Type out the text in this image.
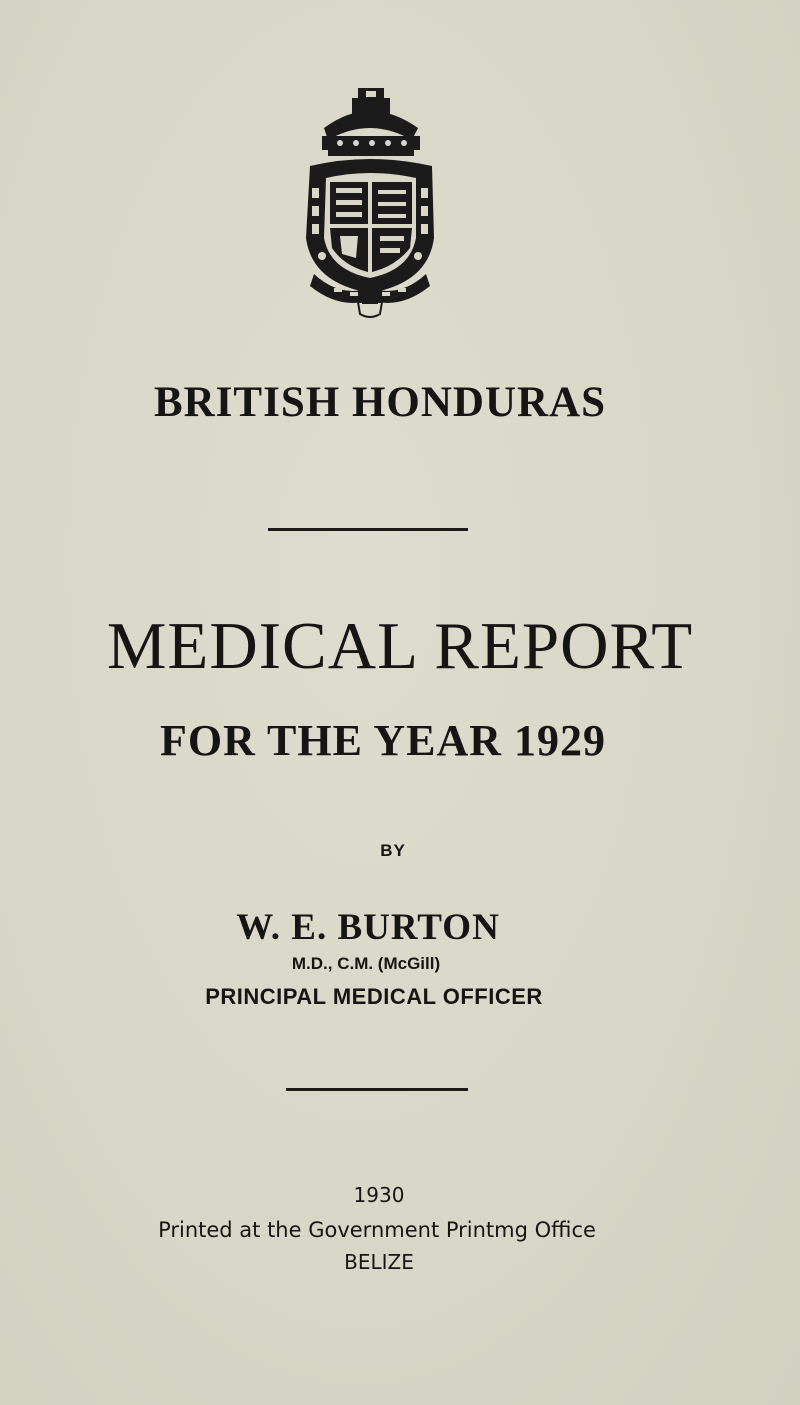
BRITISH HONDURAS
MEDICAL REPORT
FOR THE YEAR 1929
BY
W. E. BURTON
M.D., C.M. (McGill)
PRINCIPAL MEDICAL OFFICER
1930
Printed at the Government Printmg Office
BELIZE
